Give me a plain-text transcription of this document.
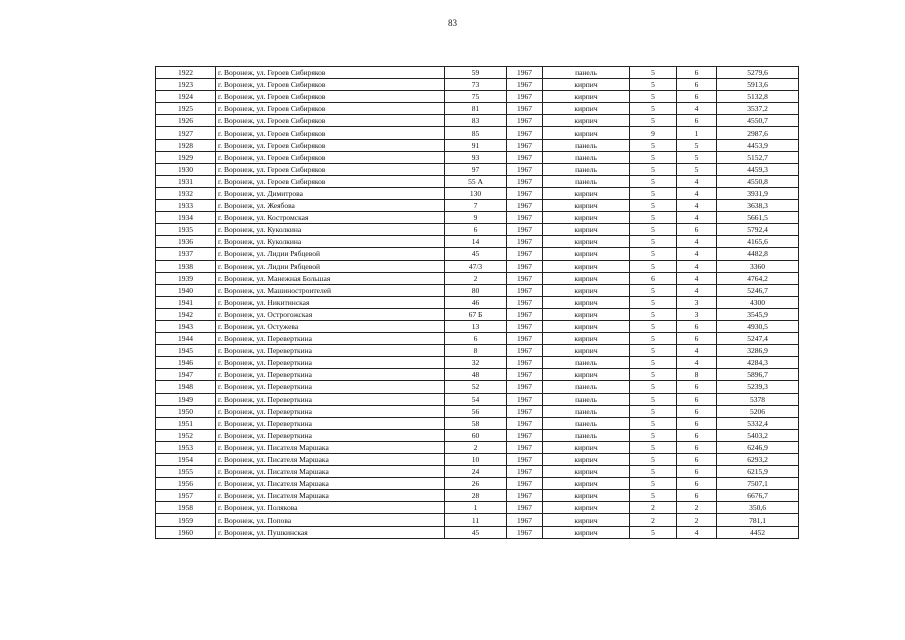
83
1922	г. Воронеж, ул. Героев Сибиряков	59	1967	панель	5	6	5279,6
1923	г. Воронеж, ул. Героев Сибиряков	73	1967	кирпич	5	6	5913,6
1924	г. Воронеж, ул. Героев Сибиряков	75	1967	кирпич	5	6	5132,8
1925	г. Воронеж, ул. Героев Сибиряков	81	1967	кирпич	5	4	3537,2
1926	г. Воронеж, ул. Героев Сибиряков	83	1967	кирпич	5	6	4550,7
1927	г. Воронеж, ул. Героев Сибиряков	85	1967	кирпич	9	1	2987,6
1928	г. Воронеж, ул. Героев Сибиряков	91	1967	панель	5	5	4453,9
1929	г. Воронеж, ул. Героев Сибиряков	93	1967	панель	5	5	5152,7
1930	г. Воронеж, ул. Героев Сибиряков	97	1967	панель	5	5	4459,3
1931	г. Воронеж, ул. Героев Сибиряков	55 А	1967	панель	5	4	4550,8
1932	г. Воронеж, ул. Димитрова	130	1967	кирпич	5	4	3931,9
1933	г. Воронеж, ул. Жеябова	7	1967	кирпич	5	4	3638,3
1934	г. Воронеж, ул. Костромская	9	1967	кирпич	5	4	5661,5
1935	г. Воронеж, ул. Куколкина	6	1967	кирпич	5	6	5792,4
1936	г. Воронеж, ул. Куколкина	14	1967	кирпич	5	4	4165,6
1937	г. Воронеж, ул. Лидии Рябцевой	45	1967	кирпич	5	4	4482,8
1938	г. Воронеж, ул. Лидии Рябцевой	47/3	1967	кирпич	5	4	3360
1939	г. Воронеж, ул. Манежная Большая	2	1967	кирпич	6	4	4764,2
1940	г. Воронеж, ул. Машиностроителей	80	1967	кирпич	5	4	5246,7
1941	г. Воронеж, ул. Никитинская	46	1967	кирпич	5	3	4300
1942	г. Воронеж, ул. Острогожская	67 Б	1967	кирпич	5	3	3545,9
1943	г. Воронеж, ул. Остужева	13	1967	кирпич	5	6	4930,5
1944	г. Воронеж, ул. Переверткина	6	1967	кирпич	5	6	5247,4
1945	г. Воронеж, ул. Переверткина	8	1967	кирпич	5	4	3286,9
1946	г. Воронеж, ул. Переверткина	32	1967	панель	5	4	4284,3
1947	г. Воронеж, ул. Переверткина	48	1967	кирпич	5	8	5896,7
1948	г. Воронеж, ул. Переверткина	52	1967	панель	5	6	5239,3
1949	г. Воронеж, ул. Переверткина	54	1967	панель	5	6	5378
1950	г. Воронеж, ул. Переверткина	56	1967	панель	5	6	5206
1951	г. Воронеж, ул. Переверткина	58	1967	панель	5	6	5332,4
1952	г. Воронеж, ул. Переверткина	60	1967	панель	5	6	5403,2
1953	г. Воронеж, ул. Писателя Маршака	2	1967	кирпич	5	6	6246,9
1954	г. Воронеж, ул. Писателя Маршака	10	1967	кирпич	5	6	6293,2
1955	г. Воронеж, ул. Писателя Маршака	24	1967	кирпич	5	6	6215,9
1956	г. Воронеж, ул. Писателя Маршака	26	1967	кирпич	5	6	7507,1
1957	г. Воронеж, ул. Писателя Маршака	28	1967	кирпич	5	6	6676,7
1958	г. Воронеж, ул. Полякова	1	1967	кирпич	2	2	350,6
1959	г. Воронеж, ул. Попова	11	1967	кирпич	2	2	781,1
1960	г. Воронеж, ул. Пушкинская	45	1967	кирпич	5	4	4452
